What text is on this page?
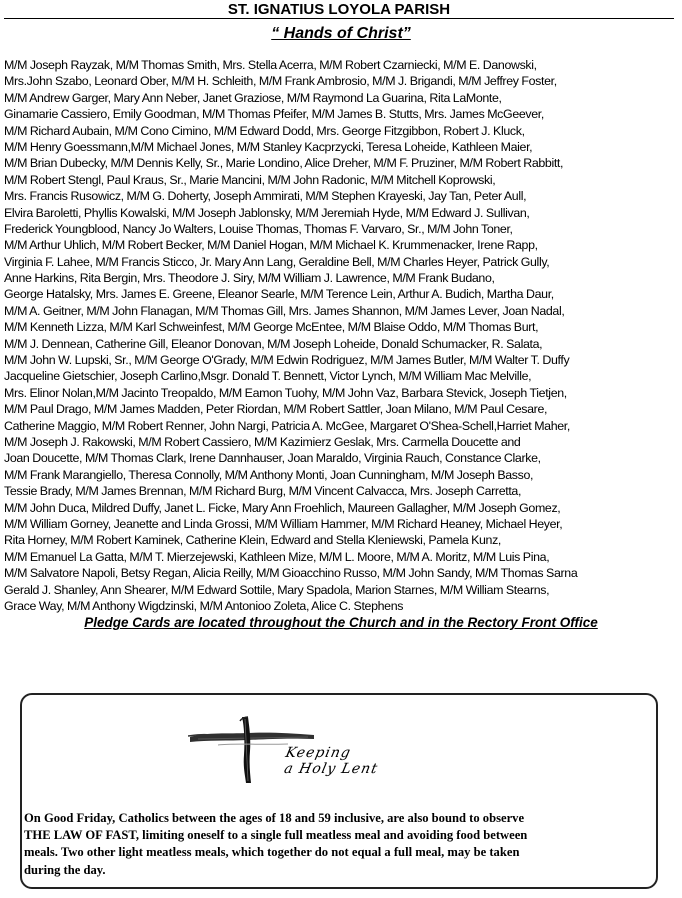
ST. IGNATIUS LOYOLA PARISH
“ Hands of Christ”
M/M Joseph Rayzak, M/M Thomas Smith, Mrs. Stella Acerra, M/M Robert Czarniecki, M/M E. Danowski,
Mrs.John Szabo, Leonard Ober, M/M H. Schleith, M/M Frank Ambrosio, M/M J. Brigandi, M/M Jeffrey Foster,
M/M Andrew Garger, Mary Ann Neber, Janet Graziose, M/M Raymond La Guarina, Rita LaMonte,
Ginamarie Cassiero, Emily Goodman, M/M Thomas Pfeifer, M/M James B. Stutts, Mrs. James McGeever,
M/M Richard Aubain, M/M Cono Cimino, M/M Edward Dodd, Mrs. George Fitzgibbon, Robert J. Kluck,
M/M Henry Goessmann,M/M Michael Jones, M/M Stanley Kacprzycki, Teresa Loheide, Kathleen Maier,
M/M Brian Dubecky, M/M Dennis Kelly, Sr., Marie Londino, Alice Dreher, M/M F. Pruziner, M/M Robert Rabbitt,
M/M Robert Stengl, Paul Kraus, Sr., Marie Mancini, M/M John Radonic, M/M Mitchell Koprowski,
Mrs. Francis Rusowicz, M/M G. Doherty, Joseph Ammirati, M/M Stephen Krayeski, Jay Tan, Peter Aull,
Elvira Baroletti, Phyllis Kowalski, M/M Joseph Jablonsky, M/M Jeremiah Hyde, M/M Edward J. Sullivan,
Frederick Youngblood, Nancy Jo Walters, Louise Thomas, Thomas F. Varvaro, Sr., M/M John Toner,
M/M Arthur Uhlich, M/M Robert Becker, M/M Daniel Hogan, M/M Michael K. Krummenacker, Irene Rapp,
Virginia F. Lahee, M/M Francis Sticco, Jr. Mary Ann Lang, Geraldine Bell, M/M Charles Heyer, Patrick Gully,
Anne Harkins, Rita Bergin, Mrs. Theodore J. Siry, M/M William J. Lawrence, M/M Frank Budano,
George Hatalsky, Mrs. James E. Greene, Eleanor Searle, M/M Terence Lein, Arthur A. Budich, Martha Daur,
M/M A. Geitner, M/M John Flanagan, M/M Thomas Gill, Mrs. James Shannon, M/M James Lever, Joan Nadal,
M/M Kenneth Lizza, M/M Karl Schweinfest, M/M George McEntee, M/M Blaise Oddo, M/M Thomas Burt,
M/M J. Dennean, Catherine Gill, Eleanor Donovan, M/M Joseph Loheide, Donald Schumacker, R. Salata,
M/M John W. Lupski, Sr., M/M George O'Grady, M/M Edwin Rodriguez, M/M James Butler, M/M Walter T. Duffy
Jacqueline Gietschier, Joseph Carlino,Msgr. Donald T. Bennett, Victor Lynch, M/M William Mac Melville,
Mrs. Elinor Nolan,M/M Jacinto Treopaldo, M/M Eamon Tuohy, M/M John Vaz, Barbara Stevick, Joseph Tietjen,
M/M Paul Drago, M/M James Madden, Peter Riordan, M/M Robert Sattler, Joan Milano, M/M Paul Cesare,
Catherine Maggio, M/M Robert Renner, John Nargi, Patricia A. McGee, Margaret O'Shea-Schell,Harriet Maher,
M/M Joseph J. Rakowski, M/M Robert Cassiero, M/M Kazimierz Geslak, Mrs. Carmella Doucette and
Joan Doucette, M/M Thomas Clark, Irene Dannhauser, Joan Maraldo, Virginia Rauch, Constance Clarke,
M/M Frank Marangiello, Theresa Connolly, M/M Anthony Monti, Joan Cunningham, M/M Joseph Basso,
Tessie Brady, M/M James Brennan, M/M Richard Burg, M/M Vincent Calvacca, Mrs. Joseph Carretta,
M/M John Duca, Mildred Duffy, Janet L. Ficke, Mary Ann Froehlich, Maureen Gallagher, M/M Joseph Gomez,
M/M William Gorney, Jeanette and Linda Grossi, M/M William Hammer, M/M Richard Heaney, Michael Heyer,
Rita Horney, M/M Robert Kaminek, Catherine Klein, Edward and Stella Kleniewski, Pamela Kunz,
M/M Emanuel La Gatta, M/M T. Mierzejewski, Kathleen Mize, M/M L. Moore, M/M A. Moritz, M/M Luis Pina,
M/M Salvatore Napoli, Betsy Regan, Alicia Reilly, M/M Gioacchino Russo, M/M John Sandy, M/M Thomas Sarna
Gerald J. Shanley, Ann Shearer, M/M Edward Sottile, Mary Spadola, Marion Starnes, M/M William Stearns,
Grace Way, M/M Anthony Wigdzinski, M/M Antonioo Zoleta, Alice C. Stephens
Pledge Cards are located throughout the Church and in the Rectory Front Office
Keeping
a Holy Lent
On Good Friday, Catholics between the ages of 18 and 59 inclusive, are also bound to observe
THE LAW OF FAST, limiting oneself to a single full meatless meal and avoiding food between
meals. Two other light meatless meals, which together do not equal a full meal, may be taken
during the day.
